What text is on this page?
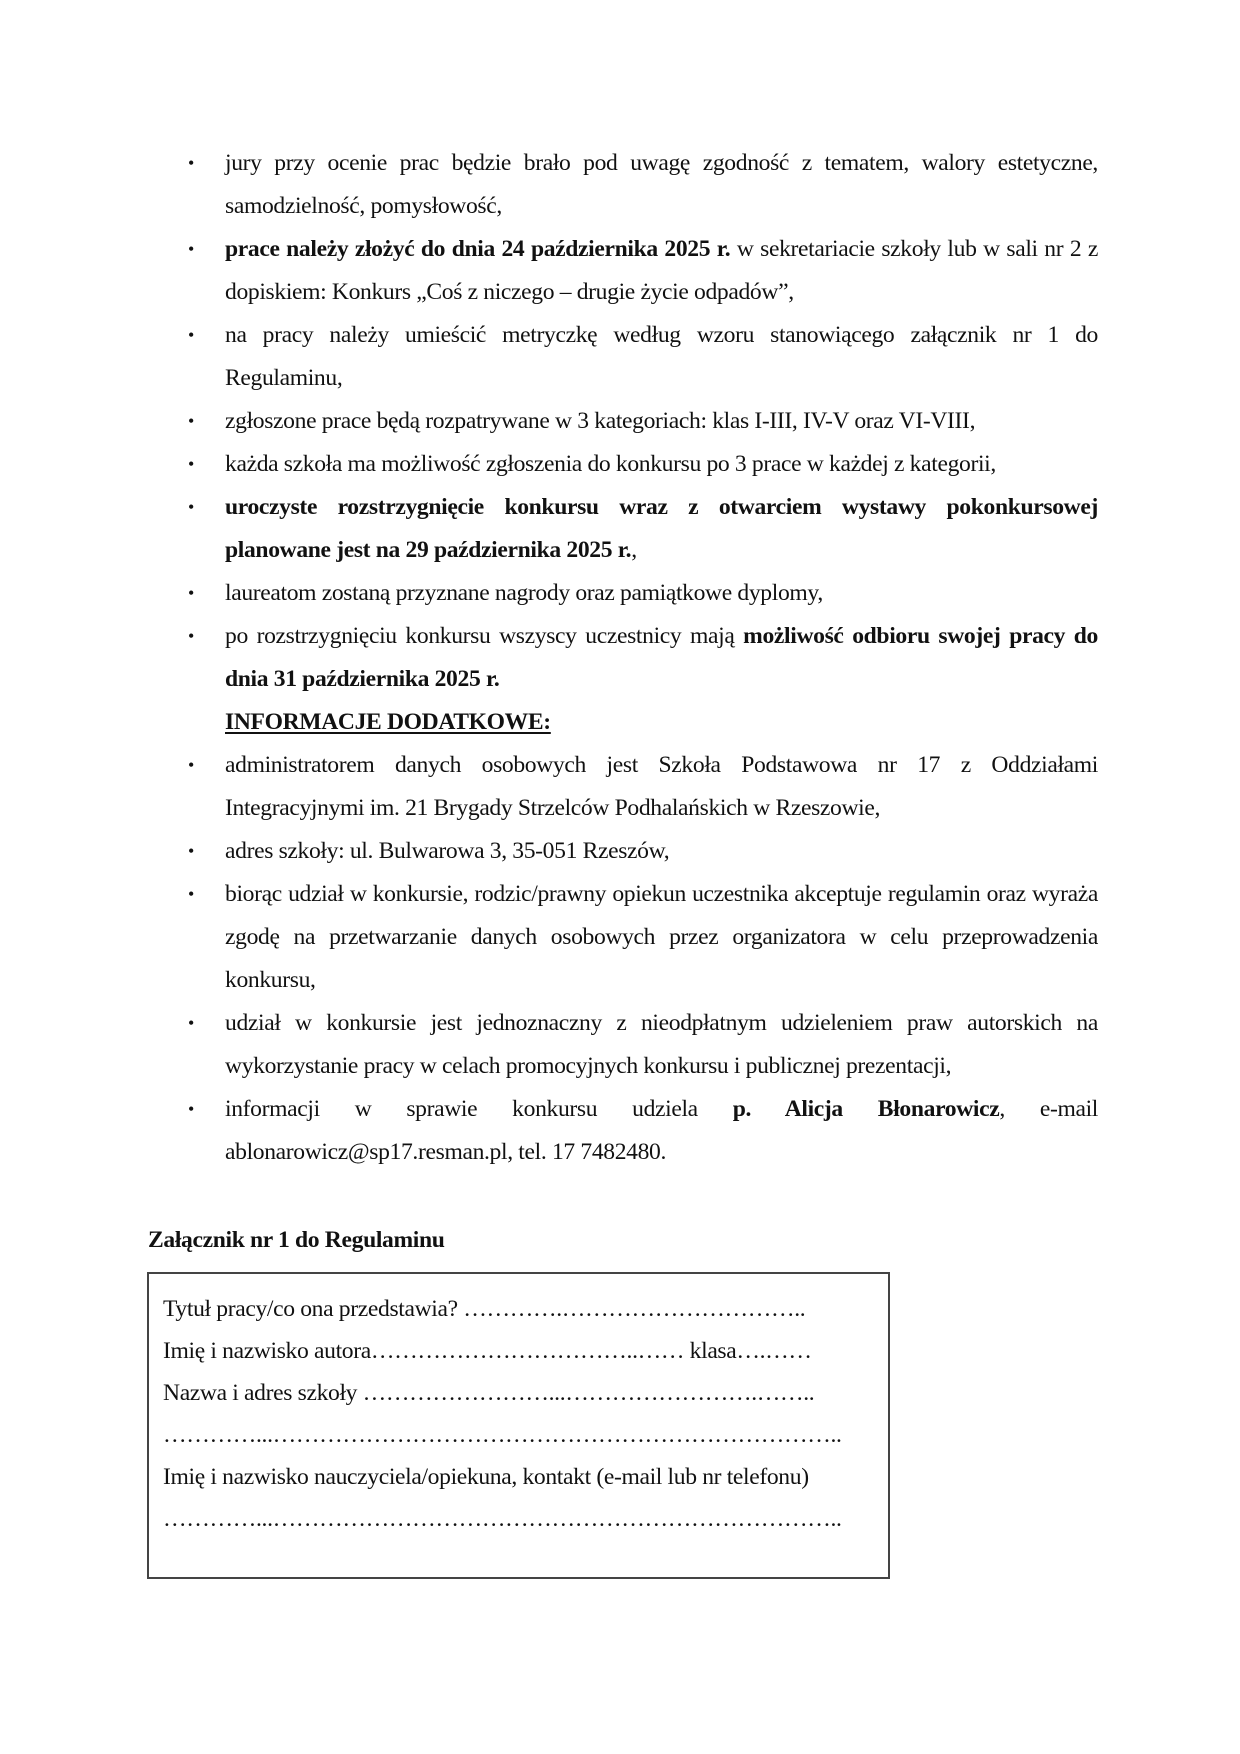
• jury przy ocenie prac będzie brało pod uwagę zgodność z tematem, walory estetyczne, samodzielność, pomysłowość,
• prace należy złożyć do dnia 24 października 2025 r. w sekretariacie szkoły lub w sali nr 2 z dopiskiem: Konkurs „Coś z niczego – drugie życie odpadów”,
• na pracy należy umieścić metryczkę według wzoru stanowiącego załącznik nr 1 do Regulaminu,
• zgłoszone prace będą rozpatrywane w 3 kategoriach: klas I-III, IV-V oraz VI-VIII,
• każda szkoła ma możliwość zgłoszenia do konkursu po 3 prace w każdej z kategorii,
• uroczyste rozstrzygnięcie konkursu wraz z otwarciem wystawy pokonkursowej planowane jest na 29 października 2025 r.,
• laureatom zostaną przyznane nagrody oraz pamiątkowe dyplomy,
• po rozstrzygnięciu konkursu wszyscy uczestnicy mają możliwość odbioru swojej pracy do dnia 31 października 2025 r.
INFORMACJE DODATKOWE:
• administratorem danych osobowych jest Szkoła Podstawowa nr 17 z Oddziałami Integracyjnymi im. 21 Brygady Strzelców Podhalańskich w Rzeszowie,
• adres szkoły: ul. Bulwarowa 3, 35-051 Rzeszów,
• biorąc udział w konkursie, rodzic/prawny opiekun uczestnika akceptuje regulamin oraz wyraża zgodę na przetwarzanie danych osobowych przez organizatora w celu przeprowadzenia konkursu,
• udział w konkursie jest jednoznaczny z nieodpłatnym udzieleniem praw autorskich na wykorzystanie pracy w celach promocyjnych konkursu i publicznej prezentacji,
• informacji w sprawie konkursu udziela p. Alicja Błonarowicz, e-mail ablonarowicz@sp17.resman.pl, tel. 17 7482480.
Załącznik nr 1 do Regulaminu
Tytuł pracy/co ona przedstawia? ………….…………………………..
Imię i nazwisko autora……………………………..…… klasa….……
Nazwa i adres szkoły ……………………...…………………….……..
…………...………………………………………………………………..
Imię i nazwisko nauczyciela/opiekuna, kontakt (e-mail lub nr telefonu)
…………...………………………………………………………………..
